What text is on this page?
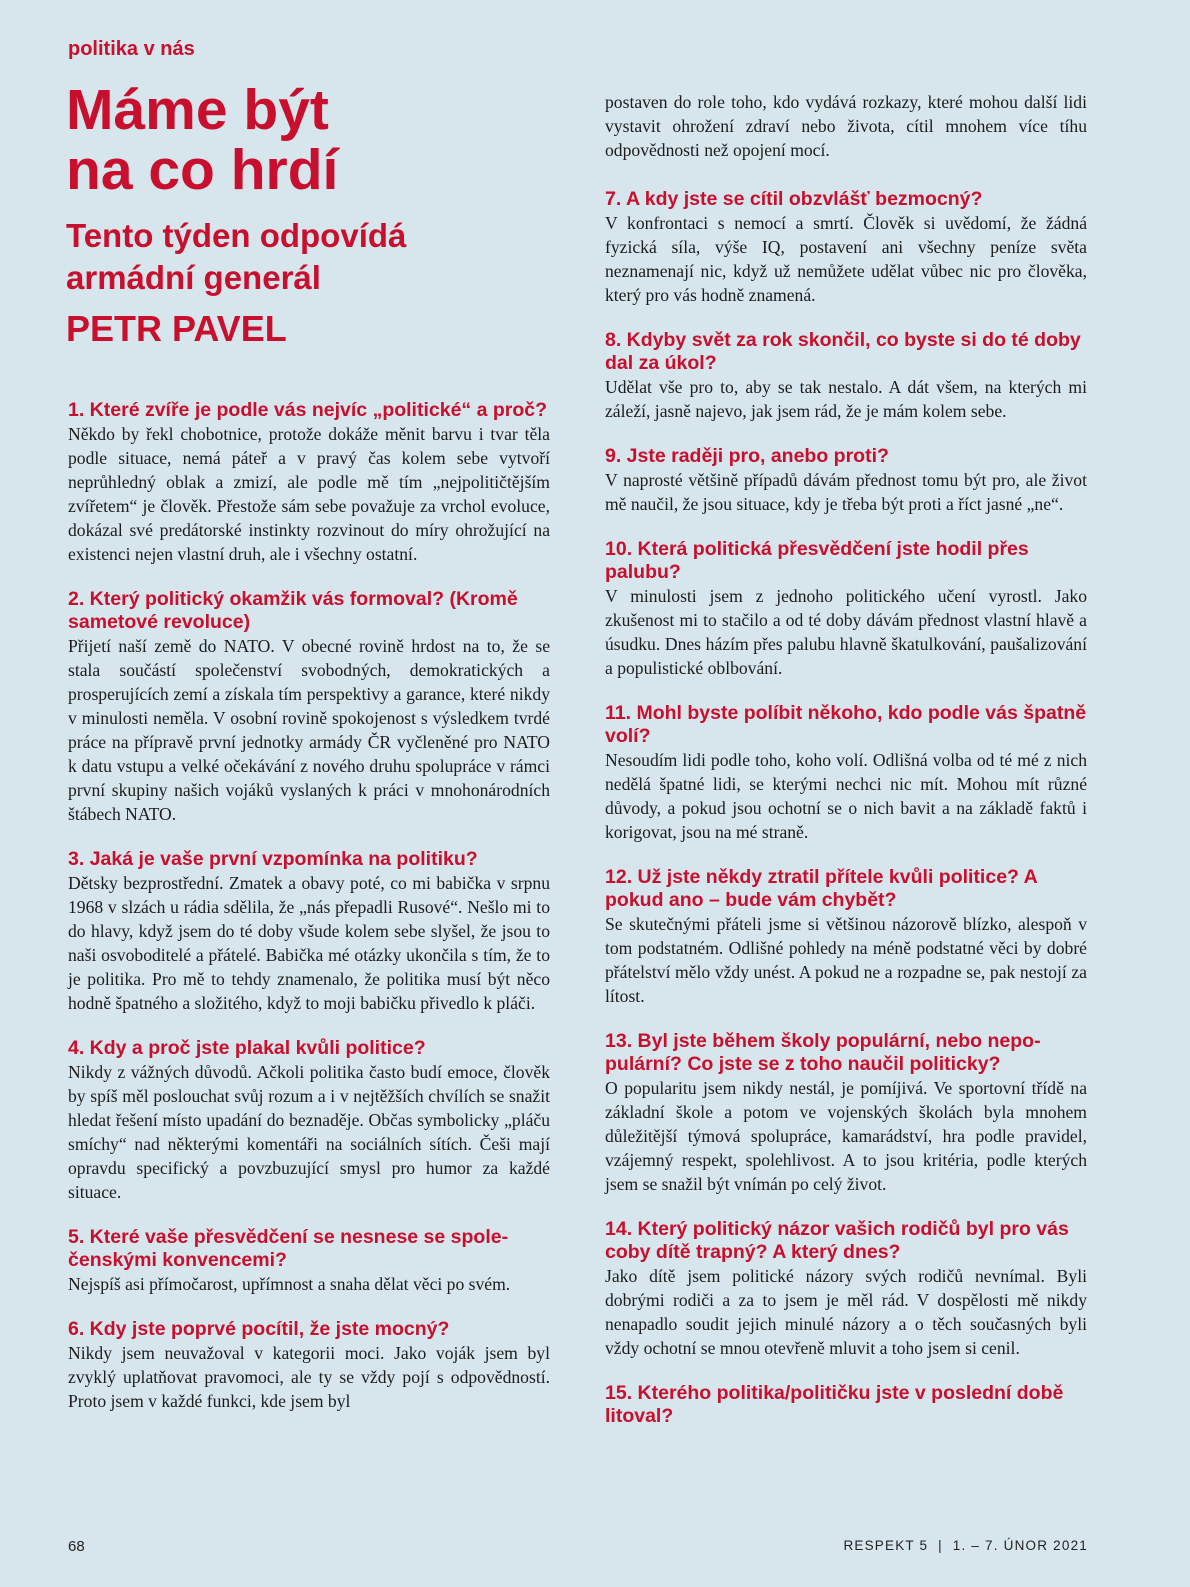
politika v nás
Máme být
na co hrdí
Tento týden odpovídá
armádní generál
PETR PAVEL

1. Které zvíře je podle vás nejvíc „politické“ a proč?

Někdo by řekl chobotnice, protože dokáže měnit barvu i tvar těla podle situace, nemá páteř a v pravý čas kolem sebe vytvoří neprůhledný oblak a zmizí, ale podle mě tím „nejpolitičtějším zvířetem“ je člověk. Přestože sám sebe považuje za vrchol evoluce, dokázal své predátorské instinkty rozvinout do míry ohrožující na existenci nejen vlastní druh, ale i všechny ostatní.

2. Který politický okamžik vás formoval? (Kromě sametové revoluce)

Přijetí naší země do NATO. V obecné rovině hrdost na to, že se stala součástí společenství svobodných, demokratických a prosperujících zemí a získala tím perspektivy a garance, které nikdy v minulosti neměla. V osobní rovině spokojenost s výsledkem tvrdé práce na přípravě první jednotky armády ČR vyčleněné pro NATO k datu vstupu a velké očekávání z nového druhu spolupráce v rámci první skupiny našich vojáků vyslaných k práci v mnohonárodních štábech NATO.

3. Jaká je vaše první vzpomínka na politiku?

Dětsky bezprostřední. Zmatek a obavy poté, co mi babička v srpnu 1968 v slzách u rádia sdělila, že „nás přepadli Rusové“. Nešlo mi to do hlavy, když jsem do té doby všude kolem sebe slyšel, že jsou to naši osvoboditelé a přátelé. Babička mé otázky ukončila s tím, že to je politika. Pro mě to tehdy znamenalo, že politika musí být něco hodně špatného a složitého, když to moji babičku přivedlo k pláči.

4. Kdy a proč jste plakal kvůli politice?

Nikdy z vážných důvodů. Ačkoli politika často budí emoce, člověk by spíš měl poslouchat svůj rozum a i v nejtěžších chvílích se snažit hledat řešení místo upadání do beznaděje. Občas symbolicky „pláču smíchy“ nad některými komentáři na sociálních sítích. Češi mají opravdu specifický a povzbuzující smysl pro humor za každé situace.

5. Které vaše přesvědčení se nesnese se spole-čenskými konvencemi?

Nejspíš asi přímočarost, upřímnost a snaha dělat věci po svém.

6. Kdy jste poprvé pocítil, že jste mocný?

Nikdy jsem neuvažoval v kategorii moci. Jako voják jsem byl zvyklý uplatňovat pravomoci, ale ty se vždy pojí s odpovědností. Proto jsem v každé funkci, kde jsem byl

postaven do role toho, kdo vydává rozkazy, které mohou další lidi vystavit ohrožení zdraví nebo života, cítil mnohem více tíhu odpovědnosti než opojení mocí.

7. A kdy jste se cítil obzvlášť bezmocný?

V konfrontaci s nemocí a smrtí. Člověk si uvědomí, že žádná fyzická síla, výše IQ, postavení ani všechny peníze světa neznamenají nic, když už nemůžete udělat vůbec nic pro člověka, který pro vás hodně znamená.

8. Kdyby svět za rok skončil, co byste si do té doby dal za úkol?

Udělat vše pro to, aby se tak nestalo. A dát všem, na kterých mi záleží, jasně najevo, jak jsem rád, že je mám kolem sebe.

9. Jste raději pro, anebo proti?

V naprosté většině případů dávám přednost tomu být pro, ale život mě naučil, že jsou situace, kdy je třeba být proti a říct jasné „ne“.

10. Která politická přesvědčení jste hodil přes palubu?

V minulosti jsem z jednoho politického učení vyrostl. Jako zkušenost mi to stačilo a od té doby dávám přednost vlastní hlavě a úsudku. Dnes házím přes palubu hlavně škatulkování, paušalizování a populistické oblbování.

11. Mohl byste políbit někoho, kdo podle vás špatně volí?

Nesoudím lidi podle toho, koho volí. Odlišná volba od té mé z nich nedělá špatné lidi, se kterými nechci nic mít. Mohou mít různé důvody, a pokud jsou ochotní se o nich bavit a na základě faktů i korigovat, jsou na mé straně.

12. Už jste někdy ztratil přítele kvůli politice? A pokud ano – bude vám chybět?

Se skutečnými přáteli jsme si většinou názorově blízko, alespoň v tom podstatném. Odlišné pohledy na méně podstatné věci by dobré přátelství mělo vždy unést. A pokud ne a rozpadne se, pak nestojí za lítost.

13. Byl jste během školy populární, nebo nepo-pulární? Co jste se z toho naučil politicky?

O popularitu jsem nikdy nestál, je pomíjivá. Ve sportovní třídě na základní škole a potom ve vojenských školách byla mnohem důležitější týmová spolupráce, kamarádství, hra podle pravidel, vzájemný respekt, spolehlivost. A to jsou kritéria, podle kterých jsem se snažil být vnímán po celý život.

14. Který politický názor vašich rodičů byl pro vás coby dítě trapný? A který dnes?

Jako dítě jsem politické názory svých rodičů nevnímal. Byli dobrými rodiči a za to jsem je měl rád. V dospělosti mě nikdy nenapadlo soudit jejich minulé názory a o těch současných byli vždy ochotní se mnou otevřeně mluvit a toho jsem si cenil.

15. Kterého politika/političku jste v poslední době litoval?

68	RESPEKT 5  |  1. – 7. ÚNOR 2021
